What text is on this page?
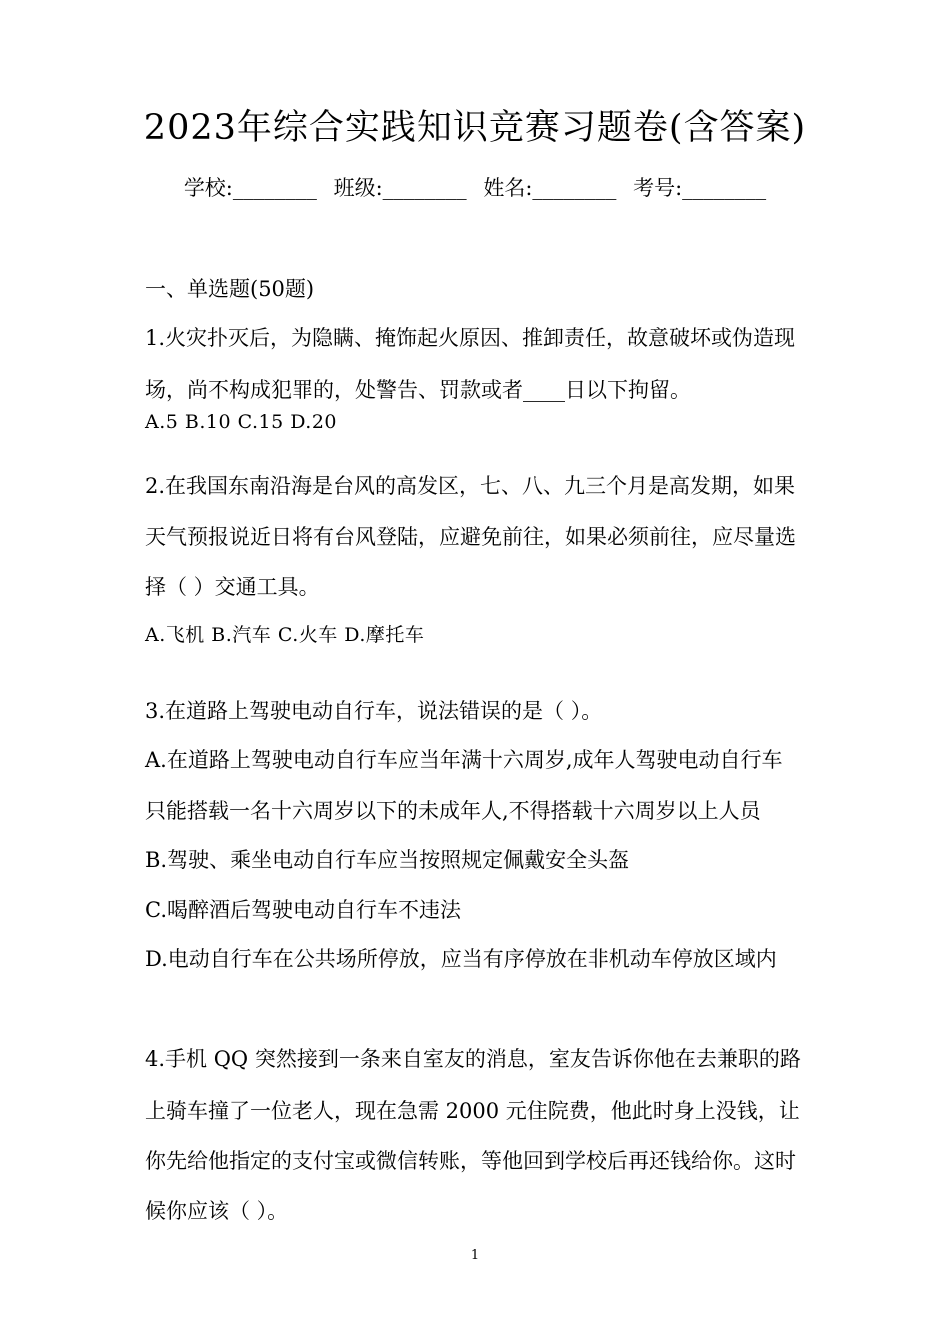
2023年综合实践知识竞赛习题卷(含答案)
学校:________ 班级:________ 姓名:________ 考号:________
一、单选题(50题)
1.火灾扑灭后，为隐瞒、掩饰起火原因、推卸责任，故意破坏或伪造现
场，尚不构成犯罪的，处警告、罚款或者____日以下拘留。
A.5 B.10 C.15 D.20
2.在我国东南沿海是台风的高发区，七、八、九三个月是高发期，如果
天气预报说近日将有台风登陆，应避免前往，如果必须前往，应尽量选
择（ ）交通工具。
A.飞机 B.汽车 C.火车 D.摩托车
3.在道路上驾驶电动自行车，说法错误的是（ ）。
A.在道路上驾驶电动自行车应当年满十六周岁,成年人驾驶电动自行车
只能搭载一名十六周岁以下的未成年人,不得搭载十六周岁以上人员
B.驾驶、乘坐电动自行车应当按照规定佩戴安全头盔
C.喝醉酒后驾驶电动自行车不违法
D.电动自行车在公共场所停放，应当有序停放在非机动车停放区域内
4.手机 QQ 突然接到一条来自室友的消息，室友告诉你他在去兼职的路
上骑车撞了一位老人，现在急需 2000 元住院费，他此时身上没钱，让
你先给他指定的支付宝或微信转账，等他回到学校后再还钱给你。这时
候你应该（ ）。
1
